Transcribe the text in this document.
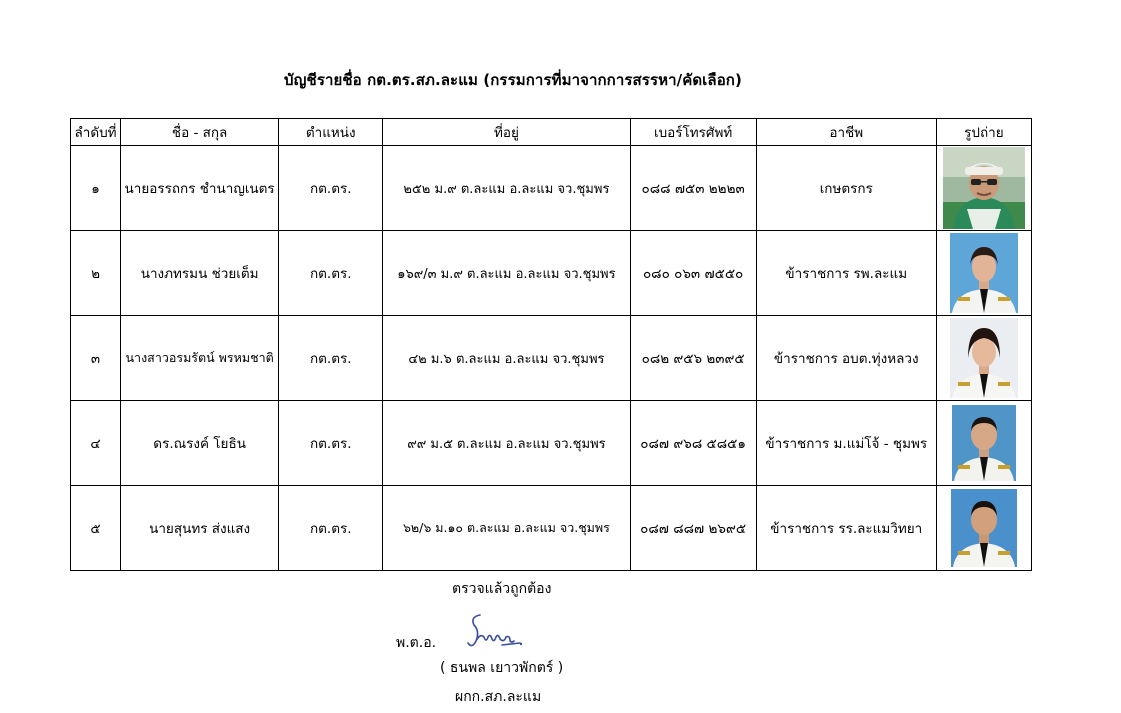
บัญชีรายชื่อ กต.ตร.สภ.ละแม (กรรมการที่มาจากการสรรหา/คัดเลือก)
ลำดับที่	ชื่อ - สกุล	ตำแหน่ง	ที่อยู่	เบอร์โทรศัพท์	อาชีพ	รูปถ่าย
๑	นายอรรถกร ชำนาญเนตร	กต.ตร.	๒๕๒ ม.๙ ต.ละแม อ.ละแม จว.ชุมพร	๐๘๘ ๗๕๓ ๒๒๒๓	เกษตรกร	

๒	นางภทรมน ช่วยเต็ม	กต.ตร.	๑๖๙/๓ ม.๙ ต.ละแม อ.ละแม จว.ชุมพร	๐๘๐ ๐๖๓ ๗๕๕๐	ข้าราชการ รพ.ละแม	

๓	นางสาวอรมรัตน์ พรหมชาติ	กต.ตร.	๔๒ ม.๖ ต.ละแม อ.ละแม จว.ชุมพร	๐๘๒ ๙๕๖ ๒๓๙๕	ข้าราชการ อบต.ทุ่งหลวง	

๔	ดร.ณรงค์ โยธิน	กต.ตร.	๙๙ ม.๕ ต.ละแม อ.ละแม จว.ชุมพร	๐๘๗ ๙๖๘ ๕๘๕๑	ข้าราชการ ม.แม่โจ้ - ชุมพร	

๕	นายสุนทร ส่งแสง	กต.ตร.	๖๒/๖ ม.๑๐ ต.ละแม อ.ละแม จว.ชุมพร	๐๘๗ ๘๘๗ ๒๖๙๕	ข้าราชการ รร.ละแมวิทยา	
ตรวจแล้วถูกต้อง
พ.ต.อ.
( ธนพล เยาวพักตร์ )
ผกก.สภ.ละแม
